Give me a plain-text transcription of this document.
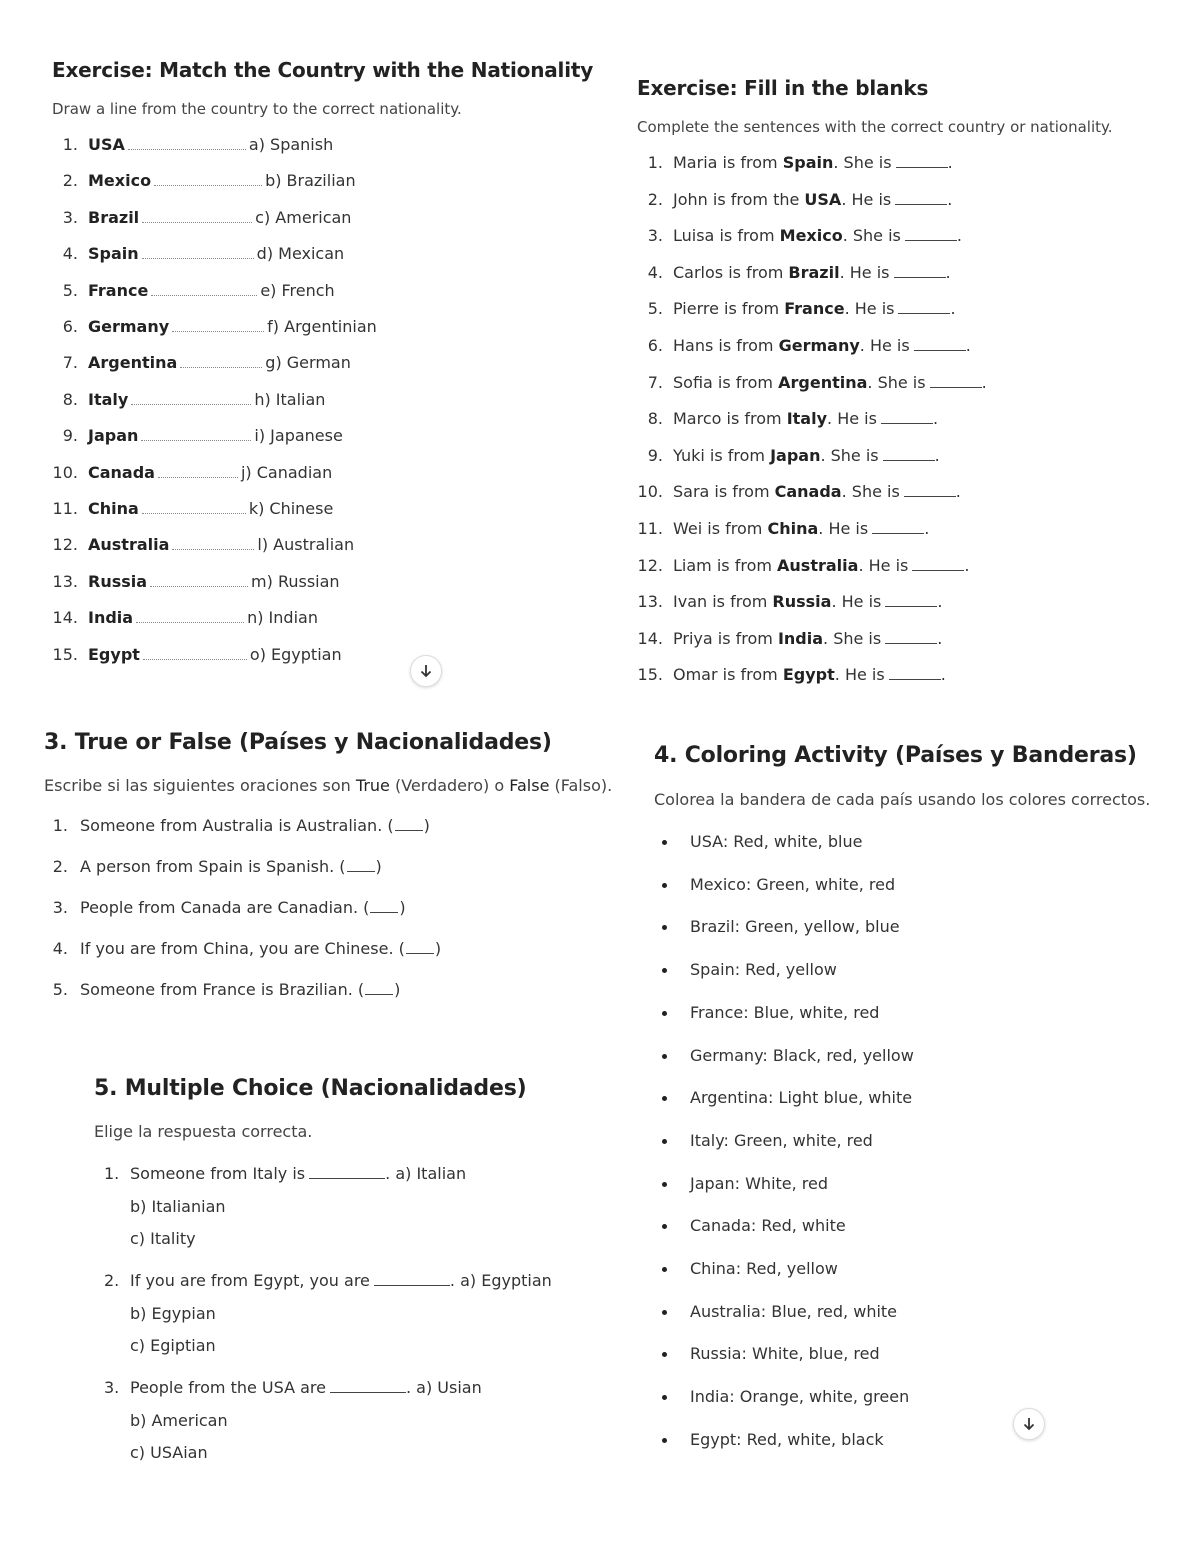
Exercise: Match the Country with the Nationality

Draw a line from the country to the correct nationality.

1. USA	a) Spanish
2. Mexico	b) Brazilian
3. Brazil	c) American
4. Spain	d) Mexican
5. France	e) French
6. Germany	f) Argentinian
7. Argentina	g) German
8. Italy	h) Italian
9. Japan	i) Japanese
10. Canada	j) Canadian
11. China	k) Chinese
12. Australia	l) Australian
13. Russia	m) Russian
14. India	n) Indian
15. Egypt	o) Egyptian
Exercise: Fill in the blanks

Complete the sentences with the correct country or nationality.

1. Maria is from Spain. She is	.
2. John is from the USA. He is	.
3. Luisa is from Mexico. She is	.
4. Carlos is from Brazil. He is	.
5. Pierre is from France. He is	.
6. Hans is from Germany. He is	.
7. Sofia is from Argentina. She is	.
8. Marco is from Italy. He is	.
9. Yuki is from Japan. She is	.
10. Sara is from Canada. She is	.
11. Wei is from China. He is	.
12. Liam is from Australia. He is	.
13. Ivan is from Russia. He is	.
14. Priya is from India. She is	.
15. Omar is from Egypt. He is	.
3. True or False (Países y Nacionalidades)

Escribe si las siguientes oraciones son True (Verdadero) o False (Falso).

1. Someone from Australia is Australian. ( )
2. A person from Spain is Spanish. ( )
3. People from Canada are Canadian. ( )
4. If you are from China, you are Chinese. ( )
5. Someone from France is Brazilian. ( )
4. Coloring Activity (Países y Banderas)

Colorea la bandera de cada país usando los colores correctos.

USA: Red, white, blue
Mexico: Green, white, red
Brazil: Green, yellow, blue
Spain: Red, yellow
France: Blue, white, red
Germany: Black, red, yellow
Argentina: Light blue, white
Italy: Green, white, red
Japan: White, red
Canada: Red, white
China: Red, yellow
Australia: Blue, red, white
Russia: White, blue, red
India: Orange, white, green
Egypt: Red, white, black
5. Multiple Choice (Nacionalidades)

Elige la respuesta correcta.

1. Someone from Italy is	. a) Italian
b) Italianian
c) Itality
2. If you are from Egypt, you are	. a) Egyptian
b) Egypian
c) Egiptian
3. People from the USA are	. a) Usian
b) American
c) USAian
